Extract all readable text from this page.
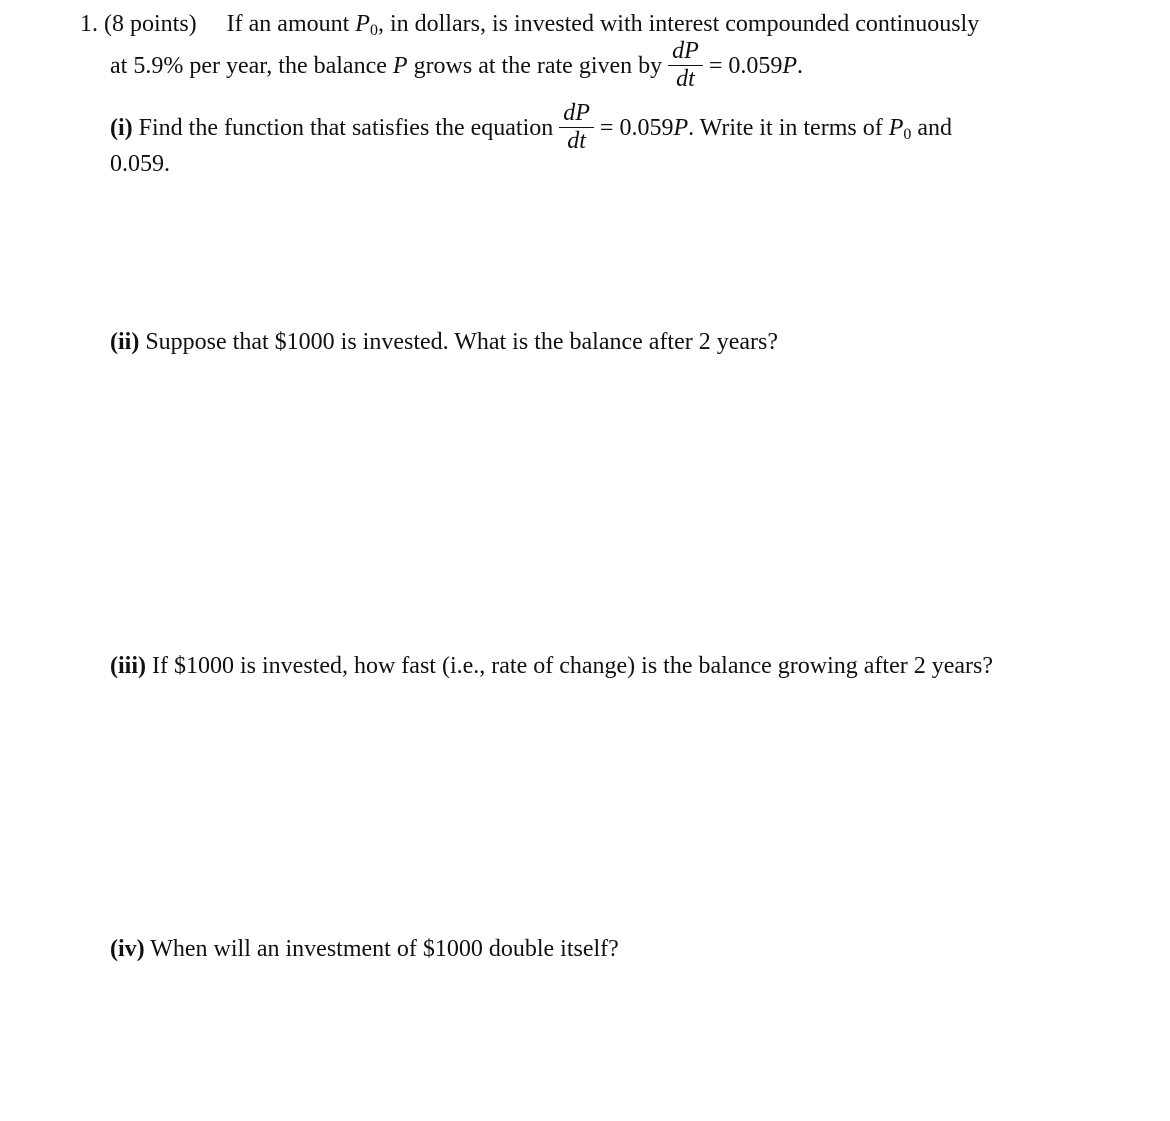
1. (8 points) If an amount $P_0$, in dollars, is invested with interest compounded continuously
at 5.9% per year, the balance P grows at the rate given by $\frac{dP}{dt} = 0.059P$.
(i) Find the function that satisfies the equation $\frac{dP}{dt} = 0.059P$. Write it in terms of $P_0$ and
0.059.
(ii) Suppose that $1000 is invested. What is the balance after 2 years?
(iii) If $1000 is invested, how fast (i.e., rate of change) is the balance growing after 2 years?
(iv) When will an investment of $1000 double itself?
